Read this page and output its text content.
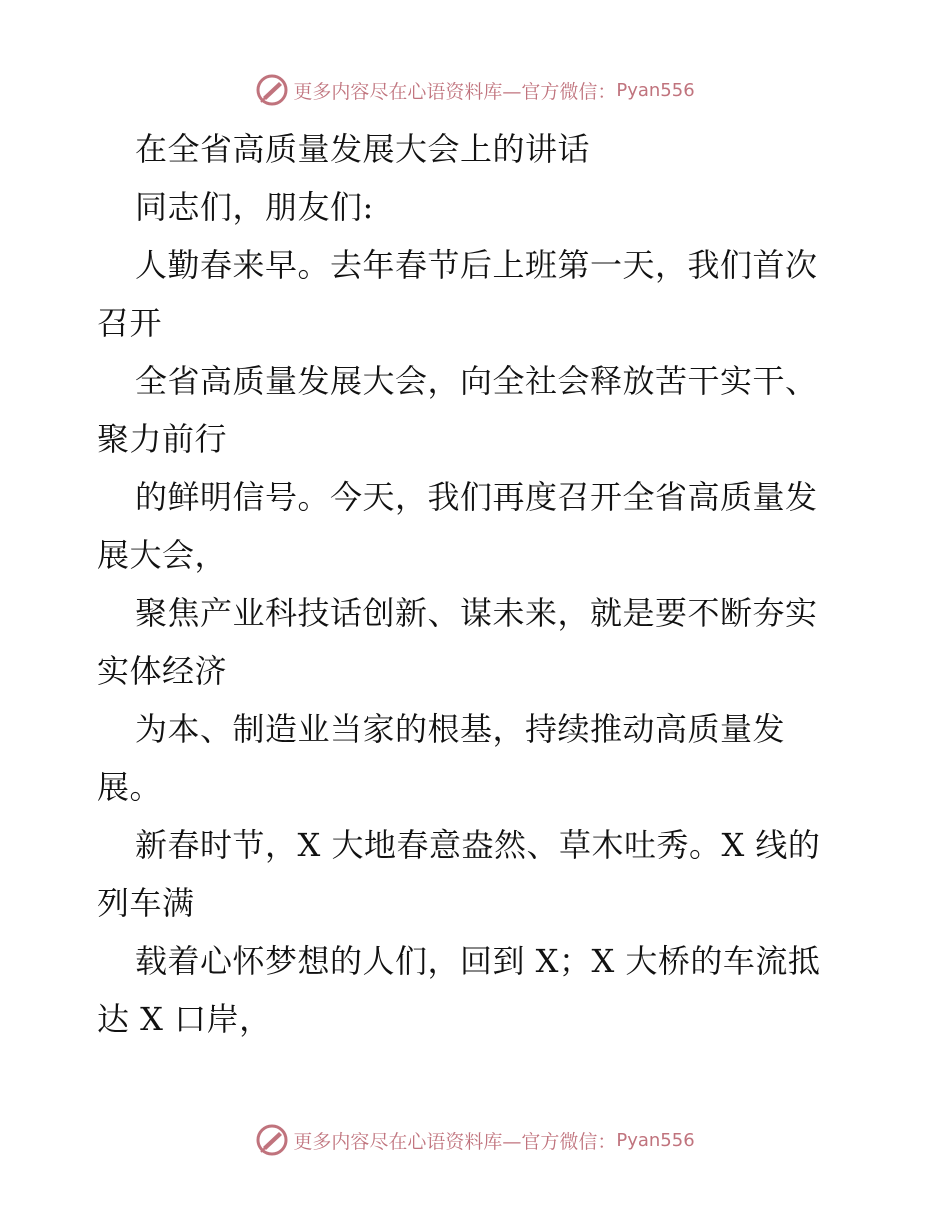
更多内容尽在心语资料库—官方微信： Pyan556
在全省高质量发展大会上的讲话
同志们，朋友们:
人勤春来早。去年春节后上班第一天，我们首次
召开
全省高质量发展大会，向全社会释放苦干实干、
聚力前行
的鲜明信号。今天，我们再度召开全省高质量发
展大会，
聚焦产业科技话创新、谋未来，就是要不断夯实
实体经济
为本、制造业当家的根基，持续推动高质量发
展。
新春时节，X 大地春意盎然、草木吐秀。X 线的
列车满
载着心怀梦想的人们，回到 X；X 大桥的车流抵
达 X 口岸，
更多内容尽在心语资料库—官方微信： Pyan556
